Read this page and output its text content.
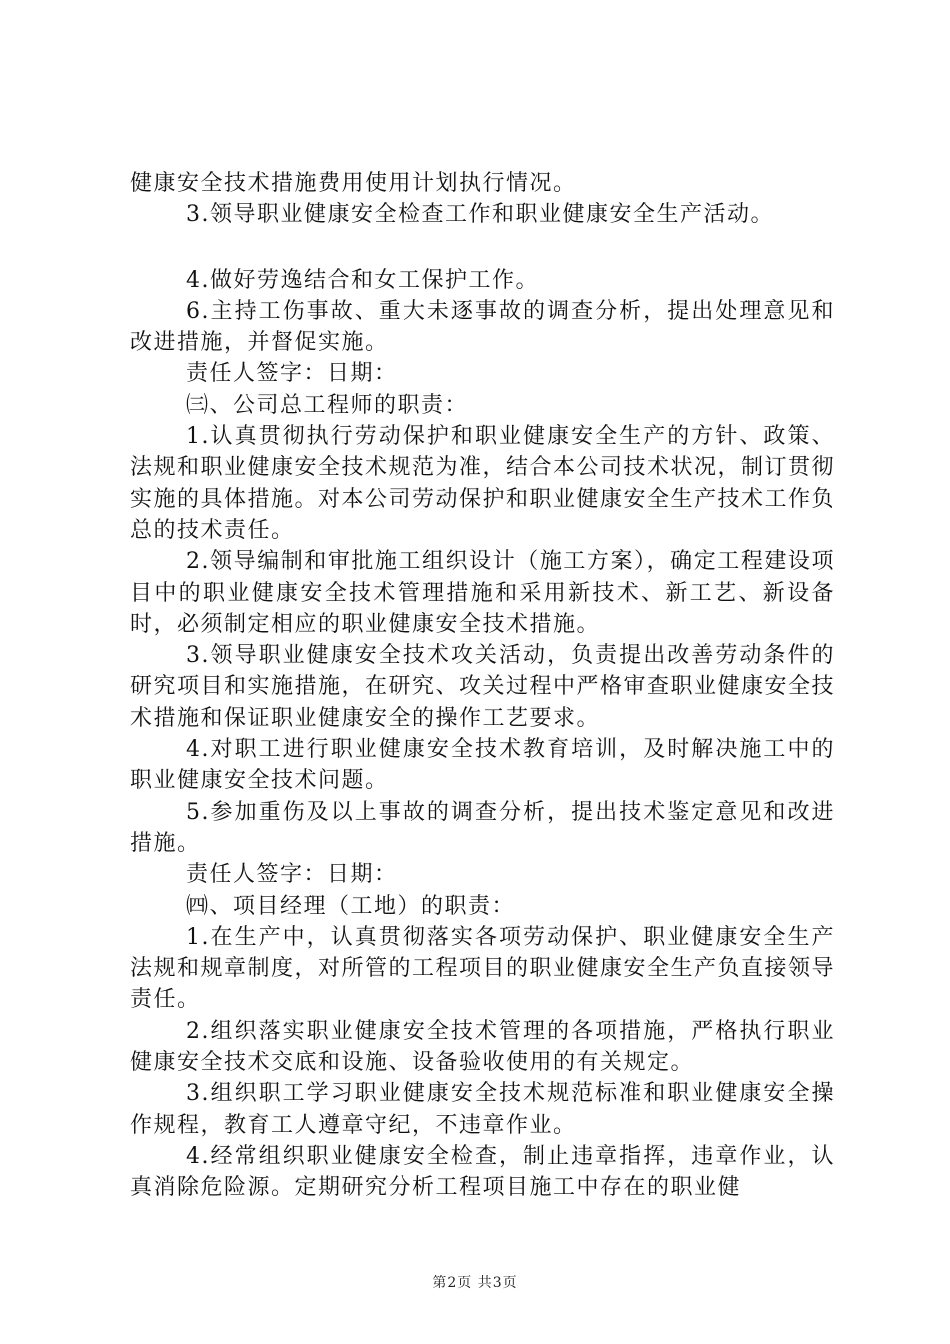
健康安全技术措施费用使用计划执行情况。

3.领导职业健康安全检查工作和职业健康安全生产活动。

4.做好劳逸结合和女工保护工作。

6.主持工伤事故、重大未逐事故的调查分析，提出处理意见和改进措施，并督促实施。

责任人签字：日期：

㈢、公司总工程师的职责：

1.认真贯彻执行劳动保护和职业健康安全生产的方针、政策、法规和职业健康安全技术规范为准，结合本公司技术状况，制订贯彻实施的具体措施。对本公司劳动保护和职业健康安全生产技术工作负总的技术责任。

2.领导编制和审批施工组织设计（施工方案），确定工程建设项目中的职业健康安全技术管理措施和采用新技术、新工艺、新设备时，必须制定相应的职业健康安全技术措施。

3.领导职业健康安全技术攻关活动，负责提出改善劳动条件的研究项目和实施措施，在研究、攻关过程中严格审查职业健康安全技术措施和保证职业健康安全的操作工艺要求。

4.对职工进行职业健康安全技术教育培训，及时解决施工中的职业健康安全技术问题。

5.参加重伤及以上事故的调查分析，提出技术鉴定意见和改进措施。

责任人签字：日期：

㈣、项目经理（工地）的职责：

1.在生产中，认真贯彻落实各项劳动保护、职业健康安全生产法规和规章制度，对所管的工程项目的职业健康安全生产负直接领导责任。

2.组织落实职业健康安全技术管理的各项措施，严格执行职业健康安全技术交底和设施、设备验收使用的有关规定。

3.组织职工学习职业健康安全技术规范标准和职业健康安全操作规程，教育工人遵章守纪，不违章作业。

4.经常组织职业健康安全检查，制止违章指挥，违章作业，认真消除危险源。定期研究分析工程项目施工中存在的职业健

第2页 共3页
